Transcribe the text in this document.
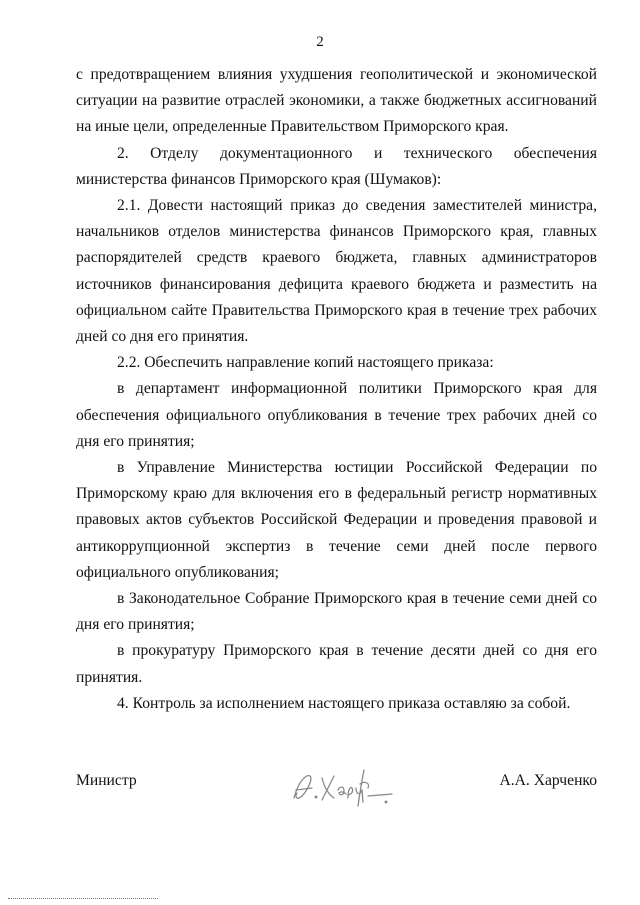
2

с предотвращением влияния ухудшения геополитической и экономической ситуации на развитие отраслей экономики, а также бюджетных ассигнований на иные цели, определенные Правительством Приморского края.

2. Отделу документационного и технического обеспечения министерства финансов Приморского края (Шумаков):

2.1. Довести настоящий приказ до сведения заместителей министра, начальников отделов министерства финансов Приморского края, главных распорядителей средств краевого бюджета, главных администраторов источников финансирования дефицита краевого бюджета и разместить на официальном сайте Правительства Приморского края в течение трех рабочих дней со дня его принятия.

2.2. Обеспечить направление копий настоящего приказа:

в департамент информационной политики Приморского края для обеспечения официального опубликования в течение трех рабочих дней со дня его принятия;

в Управление Министерства юстиции Российской Федерации по Приморскому краю для включения его в федеральный регистр нормативных правовых актов субъектов Российской Федерации и проведения правовой и антикоррупционной экспертиз в течение семи дней после первого официального опубликования;

в Законодательное Собрание Приморского края в течение семи дней со дня его принятия;

в прокуратуру Приморского края в течение десяти дней со дня его принятия.

4. Контроль за исполнением настоящего приказа оставляю за собой.

Министр	А.А. Харченко
